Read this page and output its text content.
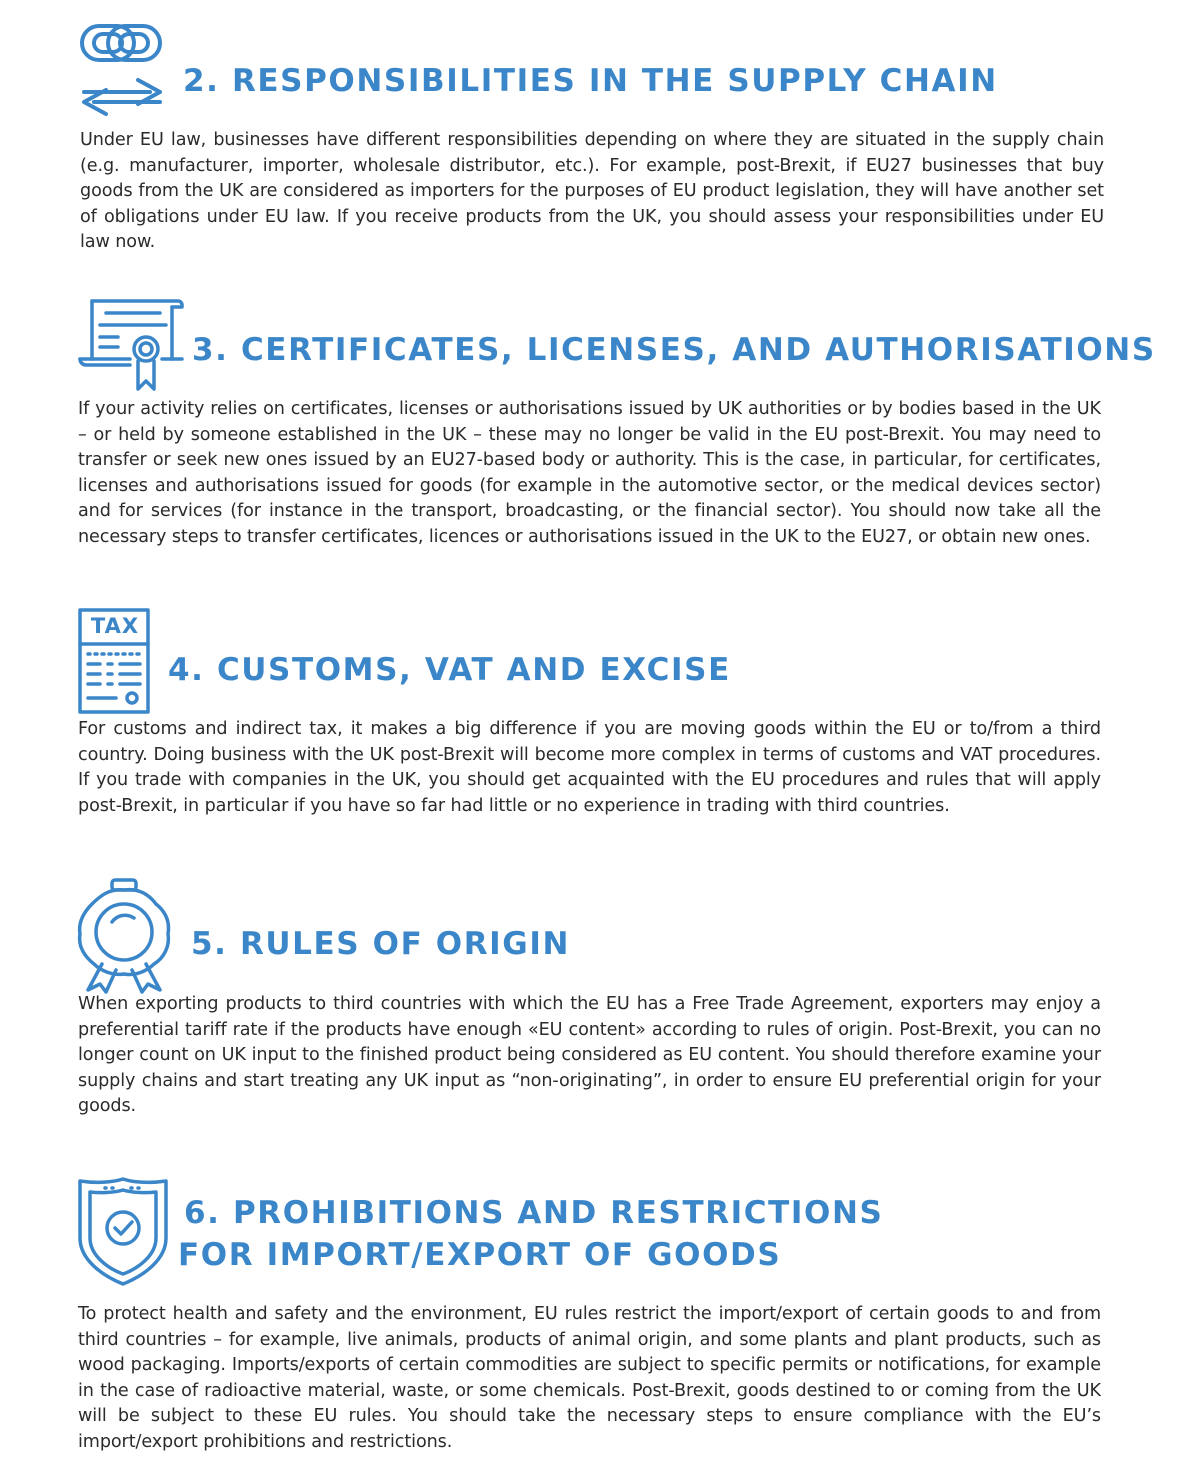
2. RESPONSIBILITIES IN THE SUPPLY CHAIN

Under EU law, businesses have different responsibilities depending on where they are situated in the supply chain (e.g. manufacturer, importer, wholesale distributor, etc.). For example, post-Brexit, if EU27 businesses that buy goods from the UK are considered as importers for the purposes of EU product legislation, they will have another set of obligations under EU law. If you receive products from the UK, you should assess your responsibilities under EU law now.

3. CERTIFICATES, LICENSES, AND AUTHORISATIONS

If your activity relies on certificates, licenses or authorisations issued by UK authorities or by bodies based in the UK – or held by someone established in the UK – these may no longer be valid in the EU post-Brexit. You may need to transfer or seek new ones issued by an EU27-based body or authority. This is the case, in particular, for certificates, licenses and authorisations issued for goods (for example in the automotive sector, or the medical devices sector) and for services (for instance in the transport, broadcasting, or the financial sector). You should now take all the necessary steps to transfer certificates, licences or authorisations issued in the UK to the EU27, or obtain new ones.

TAX
4. CUSTOMS, VAT AND EXCISE

For customs and indirect tax, it makes a big difference if you are moving goods within the EU or to/from a third country. Doing business with the UK post-Brexit will become more complex in terms of customs and VAT procedures. If you trade with companies in the UK, you should get acquainted with the EU procedures and rules that will apply post-Brexit, in particular if you have so far had little or no experience in trading with third countries.

5. RULES OF ORIGIN

When exporting products to third countries with which the EU has a Free Trade Agreement, exporters may enjoy a preferential tariff rate if the products have enough «EU content» according to rules of origin. Post-Brexit, you can no longer count on UK input to the finished product being considered as EU content. You should therefore examine your supply chains and start treating any UK input as “non-originating”, in order to ensure EU preferential origin for your goods.

6. PROHIBITIONS AND RESTRICTIONS
FOR IMPORT/EXPORT OF GOODS

To protect health and safety and the environment, EU rules restrict the import/export of certain goods to and from third countries – for example, live animals, products of animal origin, and some plants and plant products, such as wood packaging. Imports/exports of certain commodities are subject to specific permits or notifications, for example in the case of radioactive material, waste, or some chemicals. Post-Brexit, goods destined to or coming from the UK will be subject to these EU rules. You should take the necessary steps to ensure compliance with the EU’s import/export prohibitions and restrictions.
